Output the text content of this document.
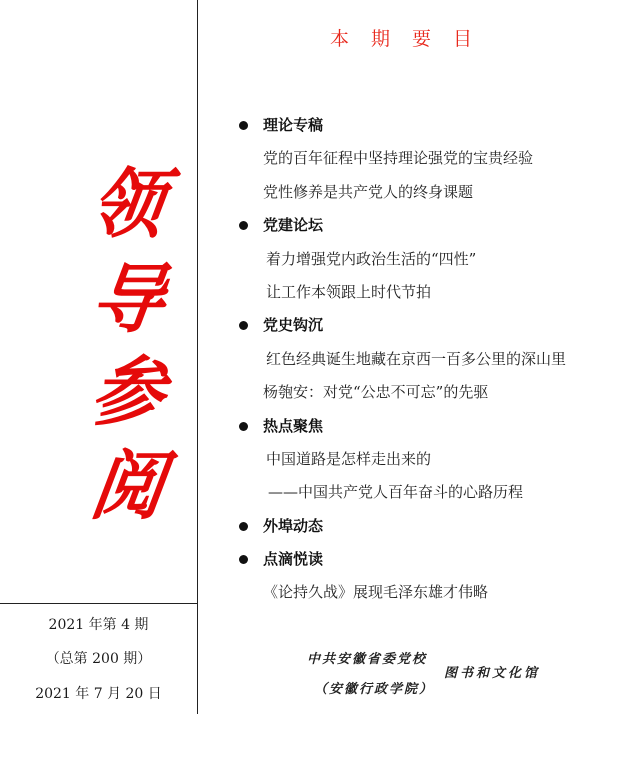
领
导
参
阅
2021 年第 4 期
（总第 200 期）
2021 年 7 月 20 日
本期要目
理论专稿
党的百年征程中坚持理论强党的宝贵经验
党性修养是共产党人的终身课题
党建论坛
着力增强党内政治生活的“四性”
让工作本领跟上时代节拍
党史钩沉
红色经典诞生地藏在京西一百多公里的深山里
杨匏安：对党“公忠不可忘”的先驱
热点聚焦
中国道路是怎样走出来的
——中国共产党人百年奋斗的心路历程
外埠动态
点滴悦读
《论持久战》展现毛泽东雄才伟略
中共安徽省委党校
（安徽行政学院）
图书和文化馆
